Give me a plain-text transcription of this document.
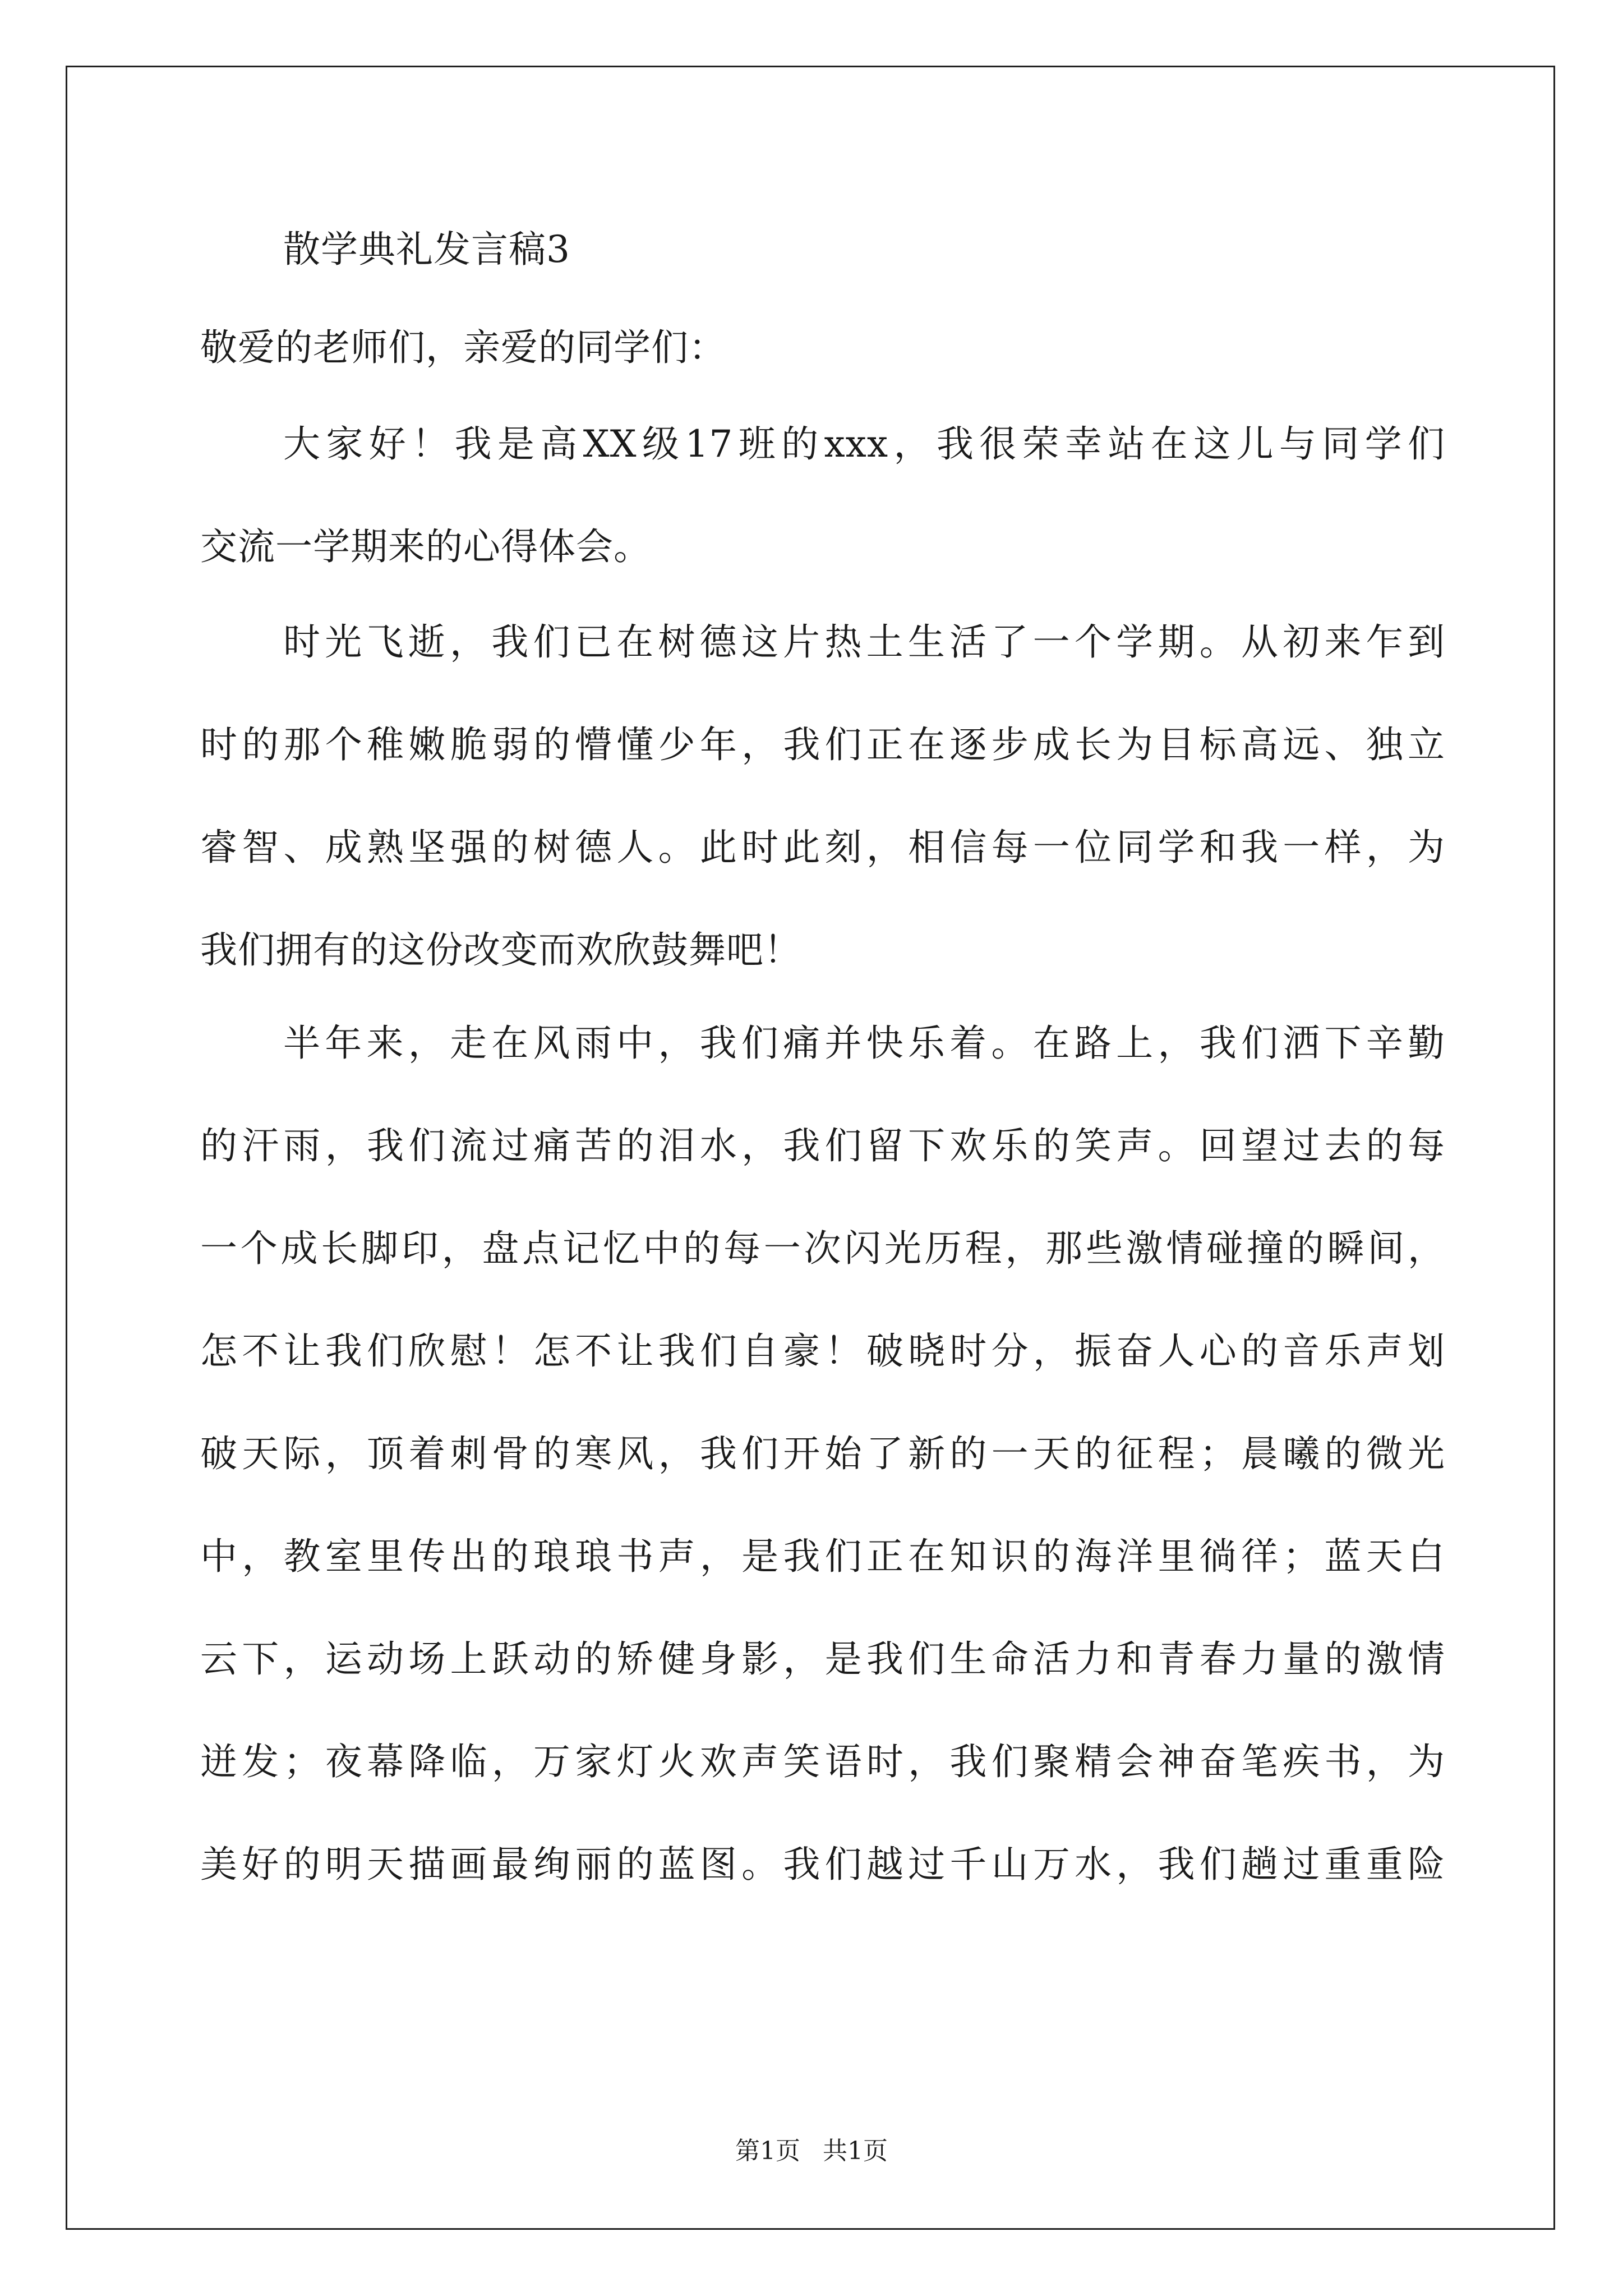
散学典礼发言稿3
敬爱的老师们，亲爱的同学们：
大家好！我是高XX级17班的xxx，我很荣幸站在这儿与同学们
交流一学期来的心得体会。
时光飞逝，我们已在树德这片热土生活了一个学期。从初来乍到
时的那个稚嫩脆弱的懵懂少年，我们正在逐步成长为目标高远、独立
睿智、成熟坚强的树德人。此时此刻，相信每一位同学和我一样，为
我们拥有的这份改变而欢欣鼓舞吧！
半年来，走在风雨中，我们痛并快乐着。在路上，我们洒下辛勤
的汗雨，我们流过痛苦的泪水，我们留下欢乐的笑声。回望过去的每
一个成长脚印，盘点记忆中的每一次闪光历程，那些激情碰撞的瞬间，
怎不让我们欣慰！怎不让我们自豪！破晓时分，振奋人心的音乐声划
破天际，顶着刺骨的寒风，我们开始了新的一天的征程；晨曦的微光
中，教室里传出的琅琅书声，是我们正在知识的海洋里徜徉；蓝天白
云下，运动场上跃动的矫健身影，是我们生命活力和青春力量的激情
迸发；夜幕降临，万家灯火欢声笑语时，我们聚精会神奋笔疾书，为
美好的明天描画最绚丽的蓝图。我们越过千山万水，我们趟过重重险
第1页 共1页
